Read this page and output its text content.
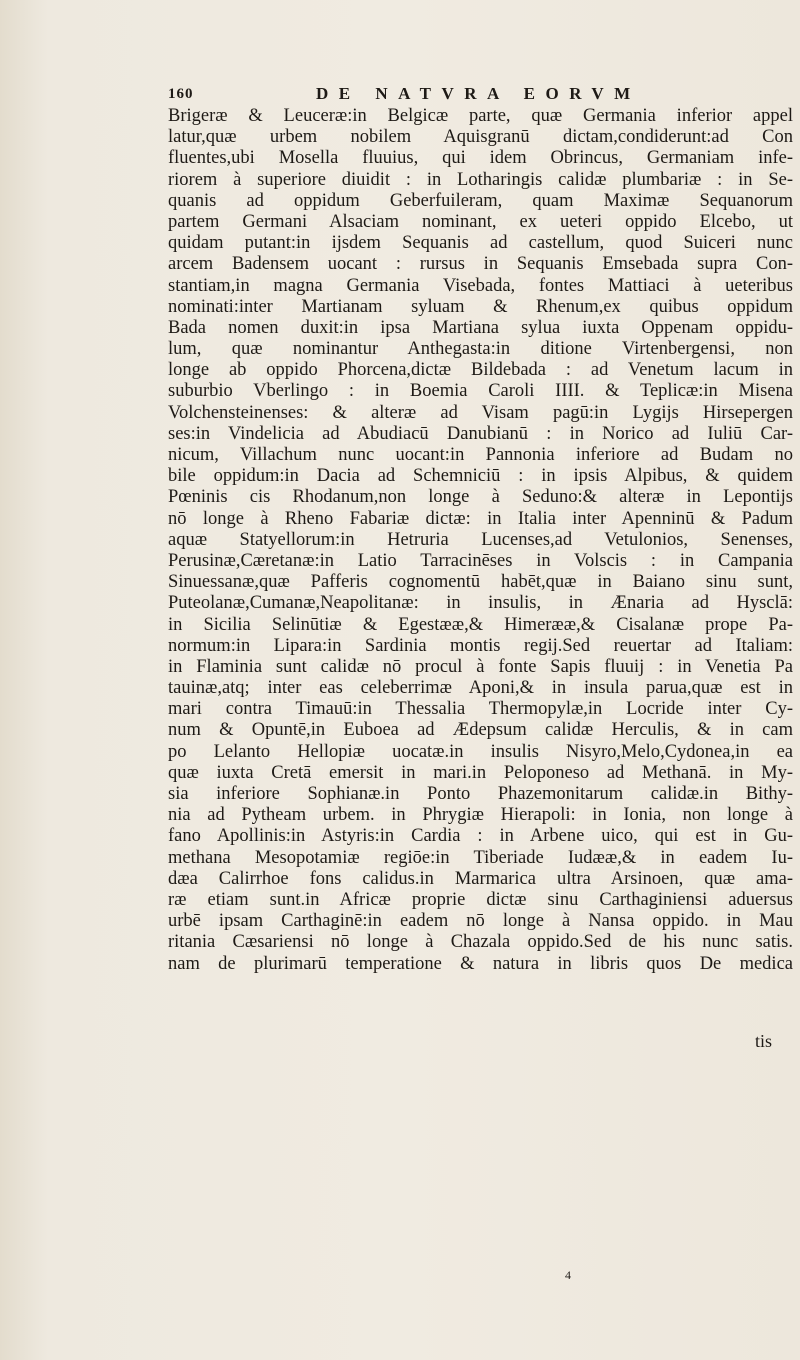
160	DE NATVRA EORVM
Brigeræ & Leuceræ:in Belgicæ parte, quæ Germania inferior appel
latur,quæ urbem nobilem Aquisgranū dictam,condiderunt:ad Con
fluentes,ubi Mosella fluuius, qui idem Obrincus, Germaniam infe-
riorem à superiore diuidit : in Lotharingis calidæ plumbariæ : in Se-
quanis ad oppidum Geberfuileram, quam Maximæ Sequanorum
partem Germani Alsaciam nominant, ex ueteri oppido Elcebo, ut
quidam putant:in ijsdem Sequanis ad castellum, quod Suiceri nunc
arcem Badensem uocant : rursus in Sequanis Emsebada supra Con-
stantiam,in magna Germania Visebada, fontes Mattiaci à ueteribus
nominati:inter Martianam syluam & Rhenum,ex quibus oppidum
Bada nomen duxit:in ipsa Martiana sylua iuxta Oppenam oppidu-
lum, quæ nominantur Anthegasta:in ditione Virtenbergensi, non
longe ab oppido Phorcena,dictæ Bildebada : ad Venetum lacum in
suburbio Vberlingo : in Boemia Caroli IIII. & Teplicæ:in Misena
Volchensteinenses: & alteræ ad Visam pagū:in Lygijs Hirsepergen
ses:in Vindelicia ad Abudiacū Danubianū : in Norico ad Iuliū Car-
nicum, Villachum nunc uocant:in Pannonia inferiore ad Budam no
bile oppidum:in Dacia ad Schemniciū : in ipsis Alpibus, & quidem
Pœninis cis Rhodanum,non longe à Seduno:& alteræ in Lepontijs
nō longe à Rheno Fabariæ dictæ: in Italia inter Apenninū & Padum
aquæ Statyellorum:in Hetruria Lucenses,ad Vetulonios, Senenses,
Perusinæ,Cæretanæ:in Latio Tarracinēses in Volscis : in Campania
Sinuessanæ,quæ Pafferis cognomentū habēt,quæ in Baiano sinu sunt,
Puteolanæ,Cumanæ,Neapolitanæ: in insulis, in Ænaria ad Hysclā:
in Sicilia Selinūtiæ & Egestææ,& Himerææ,& Cisalanæ prope Pa-
normum:in Lipara:in Sardinia montis regij.Sed reuertar ad Italiam:
in Flaminia sunt calidæ nō procul à fonte Sapis fluuij : in Venetia Pa
tauinæ,atq; inter eas celeberrimæ Aponi,& in insula parua,quæ est in
mari contra Timauū:in Thessalia Thermopylæ,in Locride inter Cy-
num & Opuntē,in Euboea ad Ædepsum calidæ Herculis, & in cam
po Lelanto Hellopiæ uocatæ.in insulis Nisyro,Melo,Cydonea,in ea
quæ iuxta Cretā emersit in mari.in Peloponeso ad Methanā. in My-
sia inferiore Sophianæ.in Ponto Phazemonitarum calidæ.in Bithy-
nia ad Pytheam urbem. in Phrygiæ Hierapoli: in Ionia, non longe à
fano Apollinis:in Astyris:in Cardia : in Arbene uico, qui est in Gu-
methana Mesopotamiæ regiōe:in Tiberiade Iudææ,& in eadem Iu-
dæa Calirrhoe fons calidus.in Marmarica ultra Arsinoen, quæ ama-
ræ etiam sunt.in Africæ proprie dictæ sinu Carthaginiensi aduersus
urbē ipsam Carthaginē:in eadem nō longe à Nansa oppido. in Mau
ritania Cæsariensi nō longe à Chazala oppido.Sed de his nunc satis.
nam de plurimarū temperatione & natura in libris quos De medica
tis
4
